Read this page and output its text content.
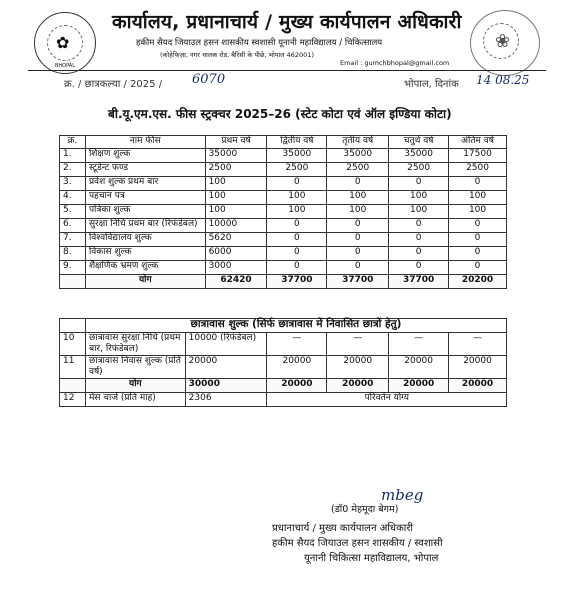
✿
BHOPAL
❀
कार्यालय, प्रधानाचार्य / मुख्य कार्यपालन अधिकारी
हकीम सैयद जियाउल हसन शासकीय स्वशासी यूनानी महाविद्यालय / चिकित्सालय
(कोहेफिज़ा, नगर चालक रोड, बैरिसी के पीछे, भोपाल 462001)
Email : gumchbhopal@gmail.com
क्र. / छात्रकल्या / 2025 / 6070	भोपाल, दिनांक 14 08.25
बी.यू.एम.एस. फीस स्ट्रक्चर 2025–26 (स्टेट कोटा एवं ऑल इण्डिया कोटा)
क्र.	नाम फीस	प्रथम वर्ष	द्वितीय वर्ष	तृतीय वर्ष	चतुर्थ वर्ष	अंतिम वर्ष
1.	शिक्षण शुल्क	35000	35000	35000	35000	17500
2.	स्टूडेन्ट फण्ड	2500	2500	2500	2500	2500
3.	प्रवेश शुल्क प्रथम बार	100	0	0	0	0
4.	पहचान पत्र	100	100	100	100	100
5.	पत्रिका शुल्क	100	100	100	100	100
6.	सुरक्षा निधि प्रथम बार (रिफंडेबल)	10000	0	0	0	0
7.	विश्वविद्यालय शुल्क	5620	0	0	0	0
8.	विकास शुल्क	6000	0	0	0	0
9.	शैक्षणिक भ्रमण शुल्क	3000	0	0	0	0
	योग	62420	37700	37700	37700	20200
	छात्रावास शुल्क (सिर्फ छात्रावास में निवासित छात्रों हेतु)					
10	छात्रावास सुरक्षा निधि (प्रथम बार, रिफंडेबल)	10000 (रिफंडेबल)	—	—	—	—
11	छात्रावास निवास शुल्क (प्रति वर्ष)	20000	20000	20000	20000	20000
	योग	30000	20000	20000	20000	20000
12	मेस चार्ज (प्रति माह)	2306	परिवर्तन योग्य			
mbeg
(डॉ0 मेहमूदा बेगम)
प्रधानाचार्य / मुख्य कार्यपालन अधिकारी
हकीम सैयद जियाउल हसन शासकीय / स्वशासी
यूनानी चिकित्सा महाविद्यालय, भोपाल
